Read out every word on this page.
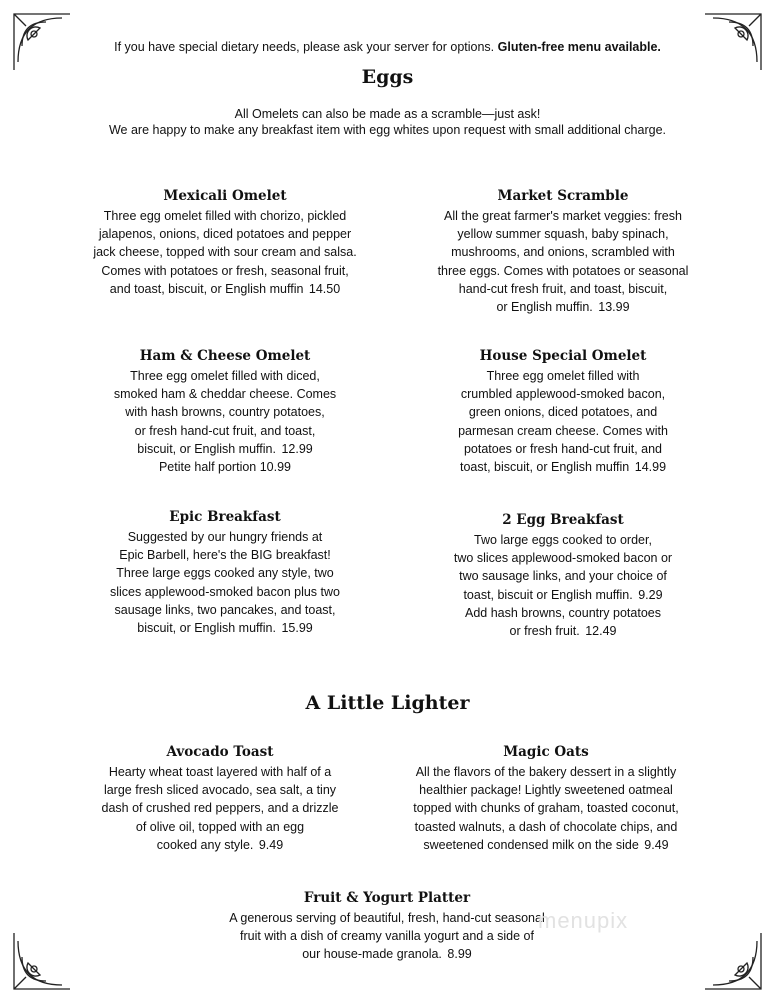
If you have special dietary needs, please ask your server for options. Gluten-free menu available.
Eggs
All Omelets can also be made as a scramble—just ask!
We are happy to make any breakfast item with egg whites upon request with small additional charge.
Mexicali Omelet
Three egg omelet filled with chorizo, pickled
jalapenos, onions, diced potatoes and pepper
jack cheese, topped with sour cream and salsa.
Comes with potatoes or fresh, seasonal fruit,
and toast, biscuit, or English muffin 14.50
Market Scramble
All the great farmer's market veggies: fresh
yellow summer squash, baby spinach,
mushrooms, and onions, scrambled with
three eggs. Comes with potatoes or seasonal
hand-cut fresh fruit, and toast, biscuit,
or English muffin. 13.99
Ham & Cheese Omelet
Three egg omelet filled with diced,
smoked ham & cheddar cheese. Comes
with hash browns, country potatoes,
or fresh hand-cut fruit, and toast,
biscuit, or English muffin. 12.99
Petite half portion 10.99
House Special Omelet
Three egg omelet filled with
crumbled applewood-smoked bacon,
green onions, diced potatoes, and
parmesan cream cheese. Comes with
potatoes or fresh hand-cut fruit, and
toast, biscuit, or English muffin 14.99
Epic Breakfast
Suggested by our hungry friends at
Epic Barbell, here's the BIG breakfast!
Three large eggs cooked any style, two
slices applewood-smoked bacon plus two
sausage links, two pancakes, and toast,
biscuit, or English muffin. 15.99
2 Egg Breakfast
Two large eggs cooked to order,
two slices applewood-smoked bacon or
two sausage links, and your choice of
toast, biscuit or English muffin. 9.29
Add hash browns, country potatoes
or fresh fruit. 12.49
A Little Lighter
Avocado Toast
Hearty wheat toast layered with half of a
large fresh sliced avocado, sea salt, a tiny
dash of crushed red peppers, and a drizzle
of olive oil, topped with an egg
cooked any style. 9.49
Magic Oats
All the flavors of the bakery dessert in a slightly
healthier package! Lightly sweetened oatmeal
topped with chunks of graham, toasted coconut,
toasted walnuts, a dash of chocolate chips, and
sweetened condensed milk on the side 9.49
Fruit & Yogurt Platter
A generous serving of beautiful, fresh, hand-cut seasonal
fruit with a dish of creamy vanilla yogurt and a side of
our house-made granola. 8.99
menupix
